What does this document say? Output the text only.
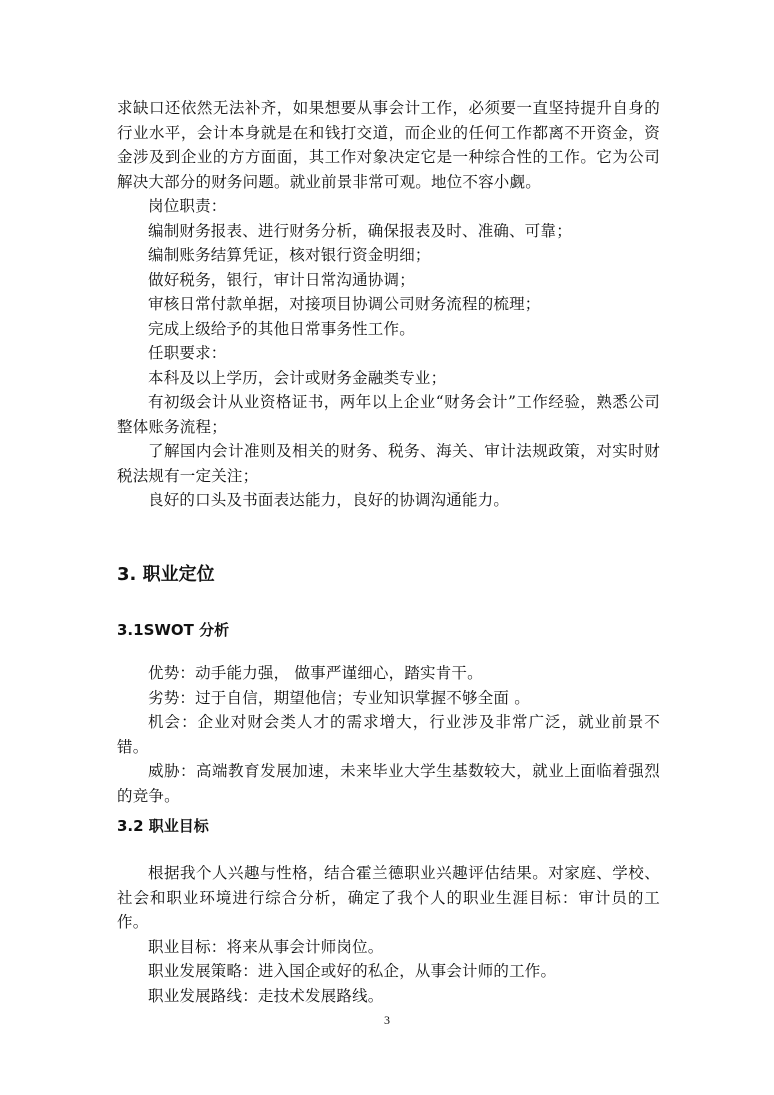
求缺口还依然无法补齐，如果想要从事会计工作，必须要一直坚持提升自身的行业水平，会计本身就是在和钱打交道，而企业的任何工作都离不开资金，资金涉及到企业的方方面面，其工作对象决定它是一种综合性的工作。它为公司解决大部分的财务问题。就业前景非常可观。地位不容小觑。

岗位职责：

编制财务报表、进行财务分析，确保报表及时、准确、可靠；

编制账务结算凭证，核对银行资金明细；

做好税务，银行，审计日常沟通协调；

审核日常付款单据，对接项目协调公司财务流程的梳理；

完成上级给予的其他日常事务性工作。

任职要求：

本科及以上学历，会计或财务金融类专业；

有初级会计从业资格证书，两年以上企业“财务会计”工作经验，熟悉公司整体账务流程；

了解国内会计准则及相关的财务、税务、海关、审计法规政策，对实时财税法规有一定关注；

良好的口头及书面表达能力，良好的协调沟通能力。

3. 职业定位
3.1SWOT 分析

优势：动手能力强， 做事严谨细心，踏实肯干。

劣势：过于自信，期望他信；专业知识掌握不够全面 。

机会：企业对财会类人才的需求增大，行业涉及非常广泛，就业前景不错。

威胁：高端教育发展加速，未来毕业大学生基数较大，就业上面临着强烈的竞争。

3.2 职业目标

根据我个人兴趣与性格，结合霍兰德职业兴趣评估结果。对家庭、学校、社会和职业环境进行综合分析，确定了我个人的职业生涯目标：审计员的工作。

职业目标：将来从事会计师岗位。

职业发展策略：进入国企或好的私企，从事会计师的工作。

职业发展路线：走技术发展路线。

3
